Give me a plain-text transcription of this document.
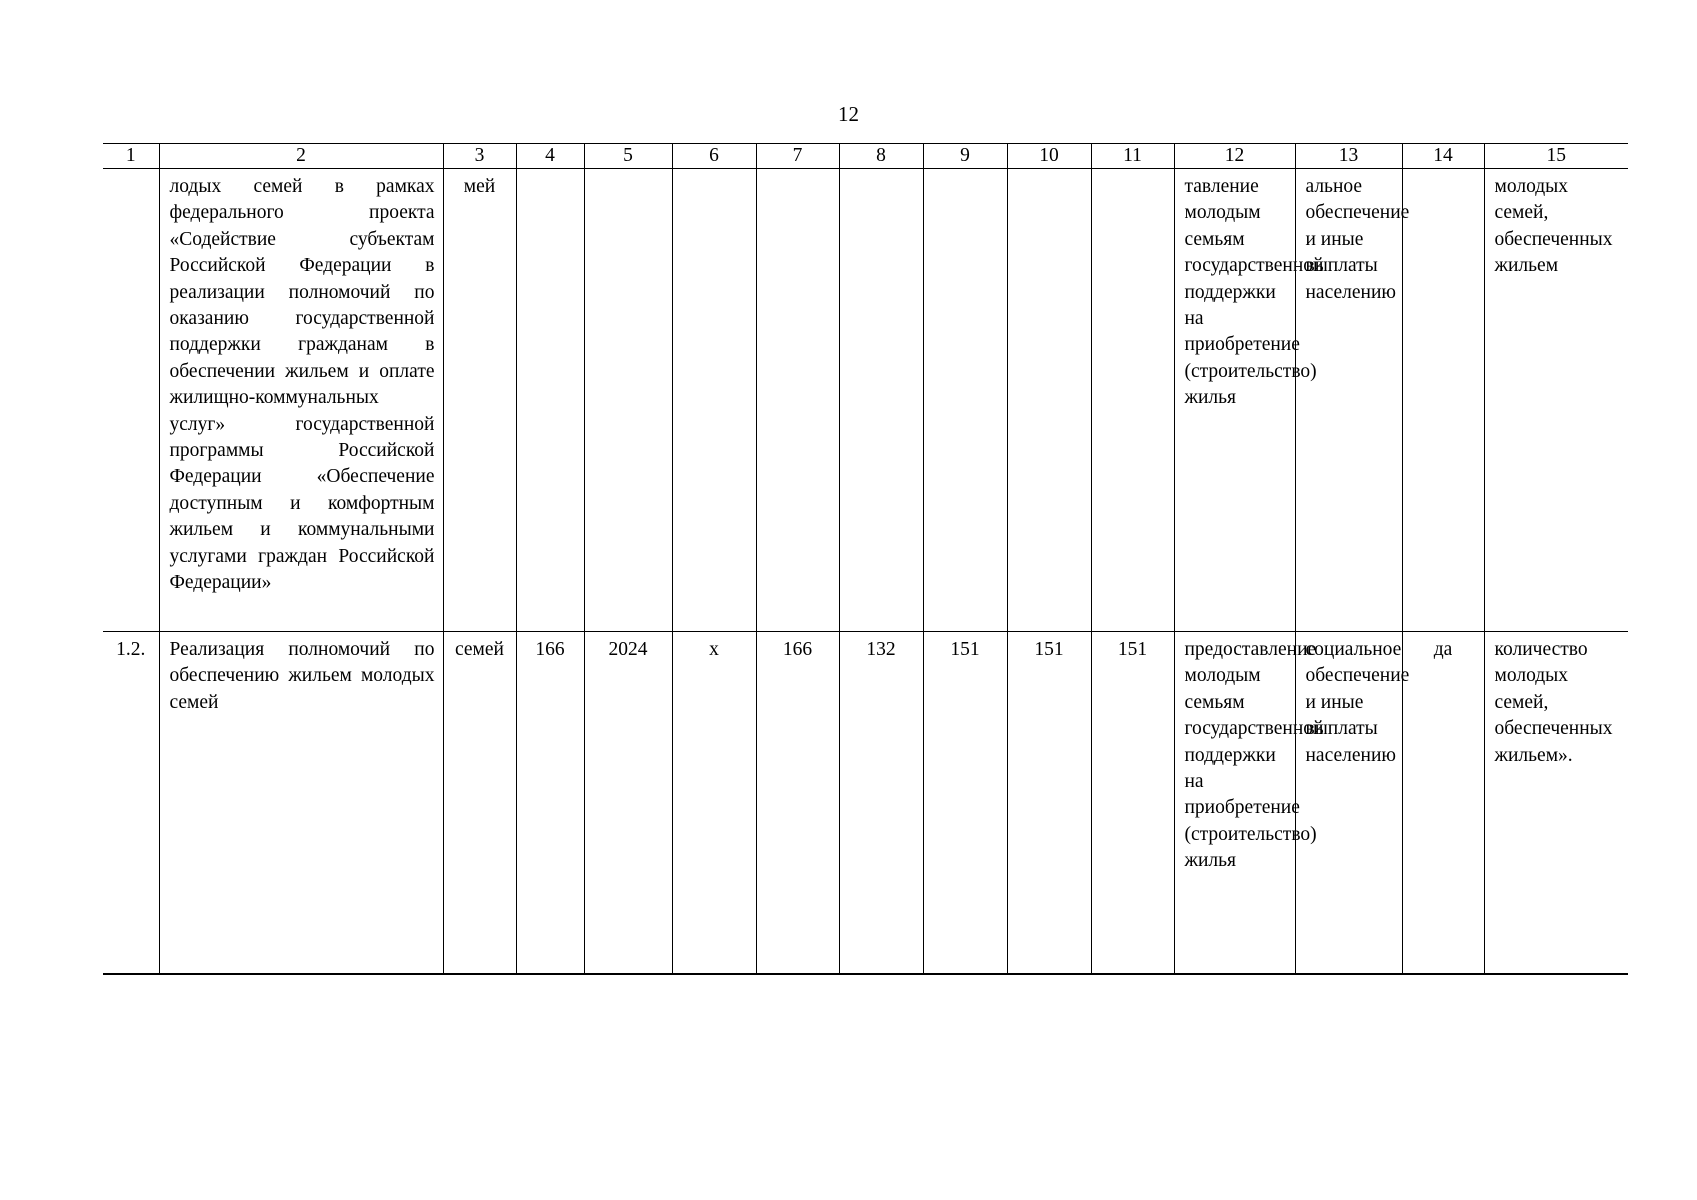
12
1	2	3	4	5	6	7	8	9	10	11	12	13	14	15
	лодых семей в рамках федерального проекта «Содействие субъектам Российской Федерации в реализации полномочий по оказанию государственной поддержки гражданам в обеспечении жильем и оплате жилищно-коммунальных услуг» государственной программы Российской Федерации «Обеспечение доступным и комфортным жильем и коммунальными услугами граждан Российской Федерации»	мей									тавление молодым семьям государственной поддержки на приобретение (строительство) жилья	альное обеспечение и иные выплаты населению		молодых семей, обеспеченных жильем
1.2.	Реализация полномочий по обеспечению жильем молодых семей	семей	166	2024	х	166	132	151	151	151	предоставление молодым семьям государственной поддержки на приобретение (строительство) жилья	социальное обеспечение и иные выплаты населению	да	количество молодых семей, обеспеченных жильем».
